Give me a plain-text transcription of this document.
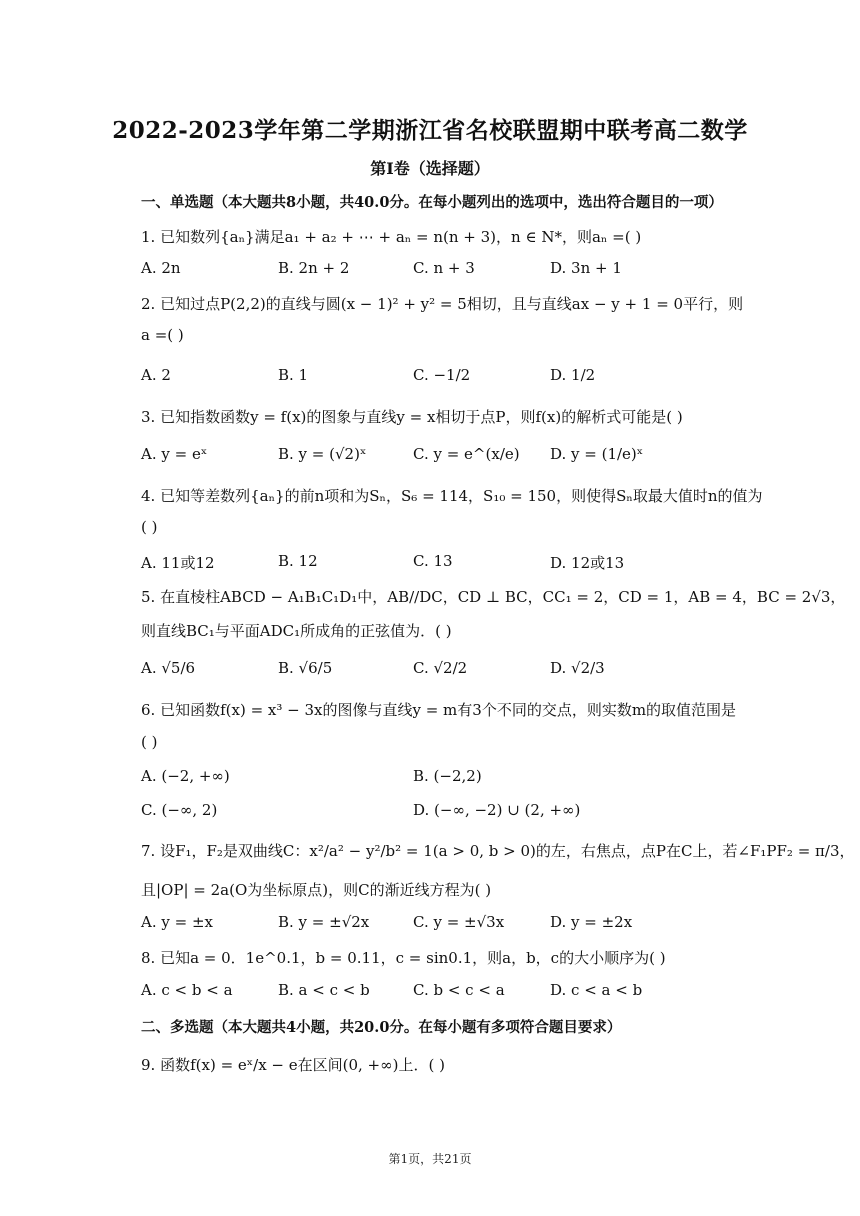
2022-2023学年第二学期浙江省名校联盟期中联考高二数学
第I卷（选择题）
一、单选题（本大题共8小题，共40.0分。在每小题列出的选项中，选出符合题目的一项）
1. 已知数列{aₙ}满足a₁ + a₂ + ⋯ + aₙ = n(n + 3)，n ∈ N*，则aₙ =( )
A. 2n	B. 2n + 2	C. n + 3	D. 3n + 1
2. 已知过点P(2,2)的直线与圆(x − 1)² + y² = 5相切，且与直线ax − y + 1 = 0平行，则
a =( )
A. 2	B. 1	C. −1/2	D. 1/2
3. 已知指数函数y = f(x)的图象与直线y = x相切于点P，则f(x)的解析式可能是( )
A. y = eˣ	B. y = (√2)ˣ	C. y = e^(x/e) D. y = (1/e)ˣ
4. 已知等差数列{aₙ}的前n项和为Sₙ，S₆ = 114，S₁₀ = 150，则使得Sₙ取最大值时n的值为
( )
A. 11或12	B. 12	C. 13	D. 12或13
5. 在直棱柱ABCD − A₁B₁C₁D₁中，AB//DC，CD ⊥ BC，CC₁ = 2，CD = 1，AB = 4，BC = 2√3，
则直线BC₁与平面ADC₁所成角的正弦值为．( )
A. √5/6	B. √6/5	C. √2/2	D. √2/3
6. 已知函数f(x) = x³ − 3x的图像与直线y = m有3个不同的交点，则实数m的取值范围是
( )
A. (−2, +∞)	B. (−2,2)
C. (−∞, 2)	D. (−∞, −2) ∪ (2, +∞)
7. 设F₁，F₂是双曲线C：x²/a² − y²/b² = 1(a > 0, b > 0)的左，右焦点，点P在C上，若∠F₁PF₂ = π/3，
且|OP| = 2a(O为坐标原点)，则C的渐近线方程为( )
A. y = ±x	B. y = ±√2x	C. y = ±√3x	D. y = ±2x
8. 已知a = 0．1e^0.1，b = 0.11，c = sin0.1，则a，b，c的大小顺序为( )
A. c < b < a	B. a < c < b	C. b < c < a	D. c < a < b
二、多选题（本大题共4小题，共20.0分。在每小题有多项符合题目要求）
9. 函数f(x) = eˣ/x − e在区间(0, +∞)上．( )
第1页，共21页
